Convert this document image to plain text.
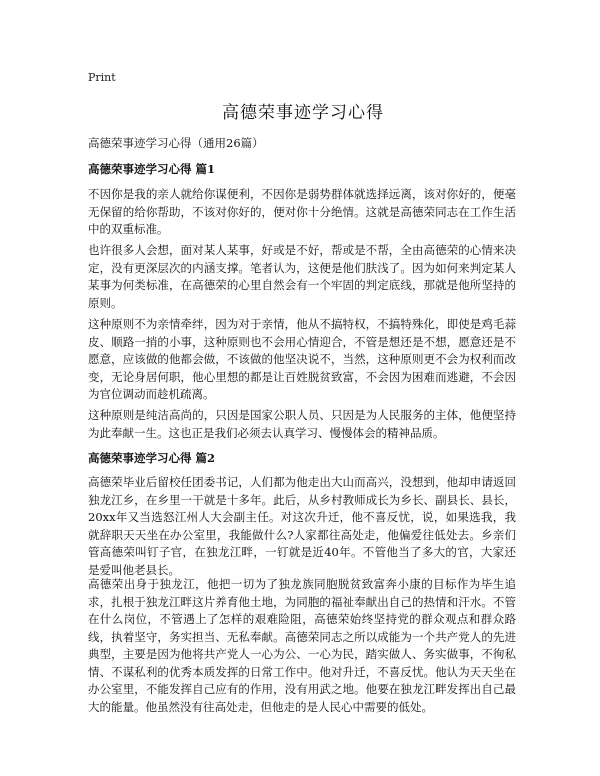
Print
高德荣事迹学习心得

高德荣事迹学习心得（通用26篇）

高德荣事迹学习心得 篇1

不因你是我的亲人就给你谋便利，不因你是弱势群体就选择远离，该对你好的，便毫无保留的给你帮助，不该对你好的，便对你十分绝情。这就是高德荣同志在工作生活中的双重标准。

也许很多人会想，面对某人某事，好或是不好，帮或是不帮，全由高德荣的心情来决定，没有更深层次的内涵支撑。笔者认为，这便是他们肤浅了。因为如何来判定某人某事为何类标准，在高德荣的心里自然会有一个牢固的判定底线，那就是他所坚持的原则。

这种原则不为亲情牵绊，因为对于亲情，他从不搞特权，不搞特殊化，即使是鸡毛蒜皮、顺路一捎的小事，这种原则也不会用心情迎合，不管是想还是不想，愿意还是不愿意，应该做的他都会做，不该做的他坚决说不，当然，这种原则更不会为权利而改变，无论身居何职，他心里想的都是让百姓脱贫致富，不会因为困难而逃避，不会因为官位调动而趁机疏离。

这种原则是纯洁高尚的，只因是国家公职人员、只因是为人民服务的主体，他便坚持为此奉献一生。这也正是我们必须去认真学习、慢慢体会的精神品质。

高德荣事迹学习心得 篇2

高德荣毕业后留校任团委书记，人们都为他走出大山而高兴，没想到，他却申请返回独龙江乡，在乡里一干就是十多年。此后，从乡村教师成长为乡长、副县长、县长，20xx年又当选怒江州人大会副主任。对这次升迁，他不喜反忧，说，如果选我，我就辞职天天坐在办公室里，我能做什么?人家都往高处走，他偏爱往低处去。乡亲们管高德荣叫钉子官，在独龙江畔，一钉就是近40年。不管他当了多大的官，大家还是爱叫他老县长。

高德荣出身于独龙江，他把一切为了独龙族同胞脱贫致富奔小康的目标作为毕生追求，扎根于独龙江畔这片养育他土地，为同胞的福祉奉献出自己的热情和汗水。不管在什么岗位，不管遇上了怎样的艰难险阻，高德荣始终坚持党的群众观点和群众路线，执着坚守，务实担当、无私奉献。高德荣同志之所以成能为一个共产党人的先进典型，主要是因为他将共产党人一心为公、一心为民，踏实做人、务实做事，不徇私情、不谋私利的优秀本质发挥的日常工作中。他对升迁，不喜反忧。他认为天天坐在办公室里，不能发挥自己应有的作用，没有用武之地。他要在独龙江畔发挥出自己最大的能量。他虽然没有往高处走，但他走的是人民心中需要的低处。
